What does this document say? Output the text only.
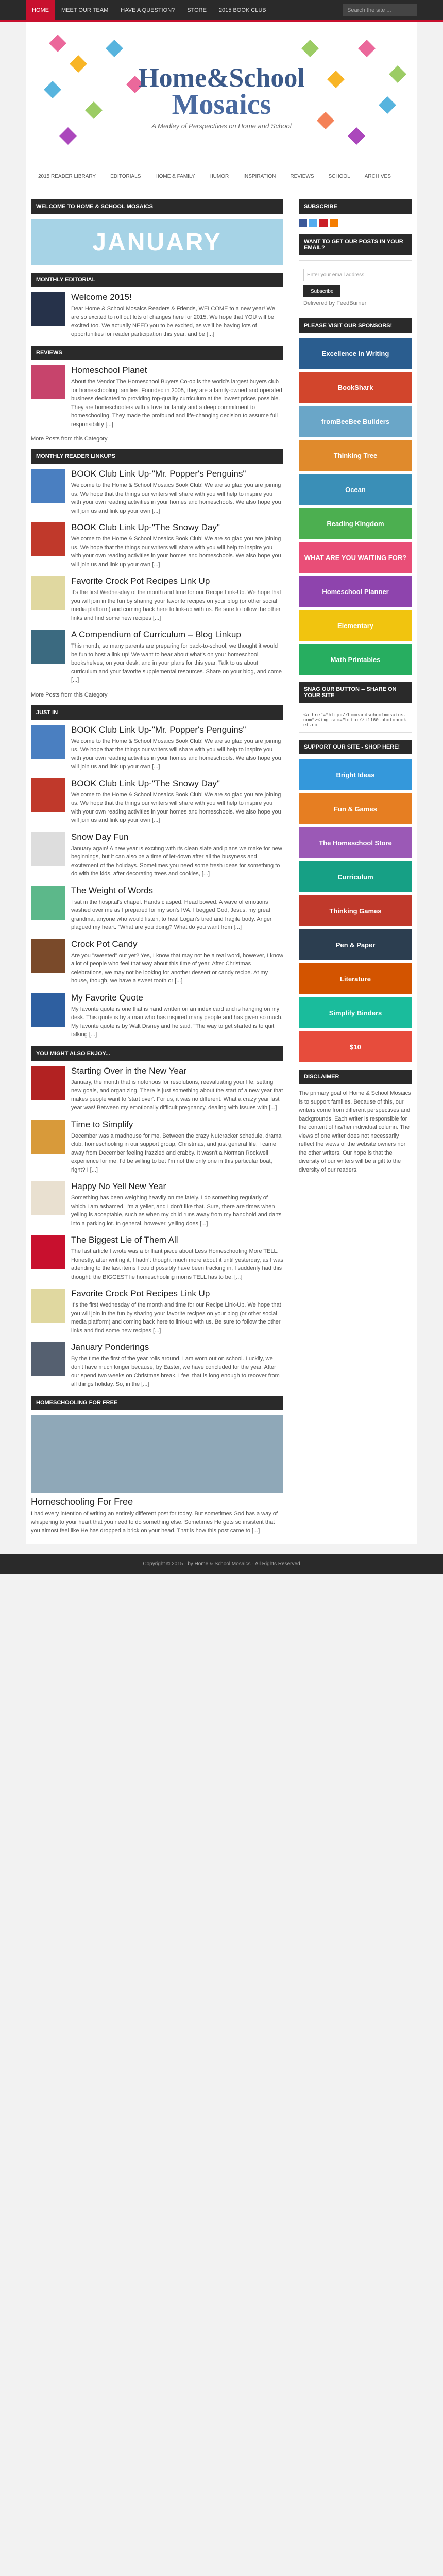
HOME	MEET OUR TEAM	HAVE A QUESTION?	STORE	2015 BOOK CLUB	Search the site ...
Home&School
Mosaics
A Medley of Perspectives on Home and School
2015 READER LIBRARY	EDITORIALS	HOME & FAMILY	HUMOR	INSPIRATION	REVIEWS	SCHOOL	ARCHIVES
WELCOME TO HOME & SCHOOL MOSAICS
JANUARY
MONTHLY EDITORIAL
Welcome 2015!
Dear Home & School Mosaics Readers & Friends, WELCOME to a new year! We are so excited to roll out lots of changes here for 2015. We hope that YOU will be excited too. We actually NEED you to be excited, as we'll be having lots of opportunities for reader participation this year, and be [...]
REVIEWS
Homeschool Planet
About the Vendor The Homeschool Buyers Co-op is the world's largest buyers club for homeschooling families. Founded in 2005, they are a family-owned and operated business dedicated to providing top-quality curriculum at the lowest prices possible. They are homeschoolers with a love for family and a deep commitment to homeschooling. They made the profound and life-changing decision to assume full responsibility [...]
More Posts from this Category
MONTHLY READER LINKUPS
BOOK Club Link Up-"Mr. Popper's Penguins"
Welcome to the Home & School Mosaics Book Club! We are so glad you are joining us. We hope that the things our writers will share with you will help to inspire you with your own reading activities in your homes and homeschools. We also hope you will join us and link up your own [...]
BOOK Club Link Up-"The Snowy Day"
Welcome to the Home & School Mosaics Book Club! We are so glad you are joining us. We hope that the things our writers will share with you will help to inspire you with your own reading activities in your homes and homeschools. We also hope you will join us and link up your own [...]
Favorite Crock Pot Recipes Link Up
It's the first Wednesday of the month and time for our Recipe Link-Up. We hope that you will join in the fun by sharing your favorite recipes on your blog (or other social media platform) and coming back here to link-up with us. Be sure to follow the other links and find some new recipes [...]
A Compendium of Curriculum – Blog Linkup
This month, so many parents are preparing for back-to-school, we thought it would be fun to host a link up! We want to hear about what's on your homeschool bookshelves, on your desk, and in your plans for this year. Talk to us about curriculum and your favorite supplemental resources. Share on your blog, and come [...]
More Posts from this Category
JUST IN
BOOK Club Link Up-"Mr. Popper's Penguins"
Welcome to the Home & School Mosaics Book Club! We are so glad you are joining us. We hope that the things our writers will share with you will help to inspire you with your own reading activities in your homes and homeschools. We also hope you will join us and link up your own [...]
BOOK Club Link Up-"The Snowy Day"
Welcome to the Home & School Mosaics Book Club! We are so glad you are joining us. We hope that the things our writers will share with you will help to inspire you with your own reading activities in your homes and homeschools. We also hope you will join us and link up your own [...]
Snow Day Fun
January again! A new year is exciting with its clean slate and plans we make for new beginnings, but it can also be a time of let-down after all the busyness and excitement of the holidays. Sometimes you need some fresh ideas for something to do with the kids, after decorating trees and cookies, [...]
The Weight of Words
I sat in the hospital's chapel. Hands clasped. Head bowed. A wave of emotions washed over me as I prepared for my son's IVA. I begged God, Jesus, my great grandma, anyone who would listen, to heal Logan's tired and fragile body. Anger plagued my heart. "What are you doing? What do you want from [...]
Crock Pot Candy
Are you "sweeted" out yet? Yes, I know that may not be a real word, however, I know a lot of people who feel that way about this time of year. After Christmas celebrations, we may not be looking for another dessert or candy recipe. At my house, though, we have a sweet tooth or [...]
My Favorite Quote
My favorite quote is one that is hand written on an index card and is hanging on my desk. This quote is by a man who has inspired many people and has given so much. My favorite quote is by Walt Disney and he said, "The way to get started is to quit talking [...]
YOU MIGHT ALSO ENJOY...
Starting Over in the New Year
January, the month that is notorious for resolutions, reevaluating your life, setting new goals, and organizing. There is just something about the start of a new year that makes people want to 'start over'. For us, it was no different. What a crazy year last year was! Between my emotionally difficult pregnancy, dealing with issues with [...]
Time to Simplify
December was a madhouse for me. Between the crazy Nutcracker schedule, drama club, homeschooling in our support group, Christmas, and just general life, I came away from December feeling frazzled and crabby. It wasn't a Norman Rockwell experience for me. I'd be willing to bet I'm not the only one in this particular boat, right? I [...]
Happy No Yell New Year
Something has been weighing heavily on me lately. I do something regularly of which I am ashamed. I'm a yeller, and I don't like that. Sure, there are times when yelling is acceptable, such as when my child runs away from my handhold and darts into a parking lot. In general, however, yelling does [...]
The Biggest Lie of Them All
The last article I wrote was a brilliant piece about Less Homeschooling More TELL. Honestly, after writing it, I hadn't thought much more about it until yesterday, as I was attending to the last items I could possibly have been tracking in, I suddenly had this thought: the BIGGEST lie homeschooling moms TELL has to be, [...]
Favorite Crock Pot Recipes Link Up
It's the first Wednesday of the month and time for our Recipe Link-Up. We hope that you will join in the fun by sharing your favorite recipes on your blog (or other social media platform) and coming back here to link-up with us. Be sure to follow the other links and find some new recipes [...]
January Ponderings
By the time the first of the year rolls around, I am worn out on school. Luckily, we don't have much longer because, by Easter, we have concluded for the year. After our spend two weeks on Christmas break, I feel that is long enough to recover from all things holiday. So, in the [...]
HOMESCHOOLING FOR FREE
Homeschooling For Free
I had every intention of writing an entirely different post for today. But sometimes God has a way of whispering to your heart that you need to do something else. Sometimes He gets so insistent that you almost feel like He has dropped a brick on your head. That is how this post came to [...]
SUBSCRIBE
WANT TO GET OUR POSTS IN YOUR EMAIL?
Enter your email address:
Subscribe
Delivered by FeedBurner
PLEASE VISIT OUR SPONSORS!
Excellence in Writing
BookShark
fromBeeBee Builders
Thinking Tree
Ocean
Reading Kingdom
WHAT ARE YOU WAITING FOR?
Homeschool Planner
Elementary
Math Printables
SNAG OUR BUTTON -- SHARE ON YOUR SITE
<a href="http://homeandschoolmosaics.com"><img src="http://i1160.photobucket.co
SUPPORT OUR SITE - SHOP HERE!
Bright Ideas
Fun & Games
The Homeschool Store
Curriculum
Thinking Games
Pen & Paper
Literature
Simplify Binders
$10
DISCLAIMER
The primary goal of Home & School Mosaics is to support families. Because of this, our writers come from different perspectives and backgrounds. Each writer is responsible for the content of his/her individual column. The views of one writer does not necessarily reflect the views of the website owners nor the other writers. Our hope is that the diversity of our writers will be a gift to the diversity of our readers.
Copyright © 2015 · by Home & School Mosaics · All Rights Reserved
